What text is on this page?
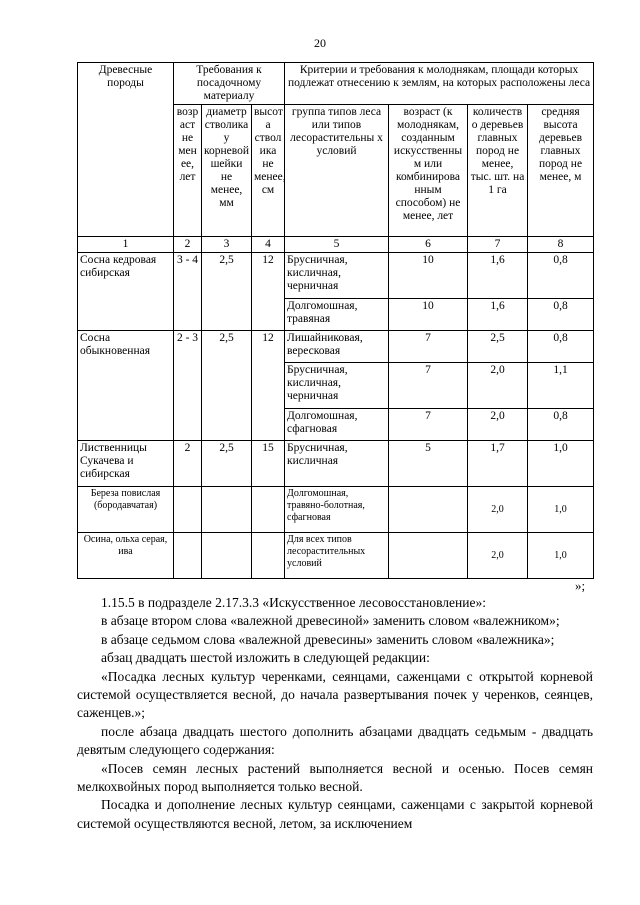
20
Древесные породы	Требования к посадочному материалу			Критерии и требования к молоднякам, площади которых подлежат отнесению к землям, на которых расположены леса			
	возр аст не мен ее, лет	диаметр стволика у корневой шейки не менее, мм	высот а ствол ика не менее, см	группа типов леса или типов лесорастительны х условий	возраст (к молоднякам, созданным искусственны м или комбинирова нным способом) не менее, лет	количеств о деревьев главных пород не менее, тыс. шт. на 1 га	средняя высота деревьев главных пород не менее, м
1	2	3	4	5	6	7	8
Сосна кедровая сибирская	3 - 4	2,5	12	Брусничная, кисличная, черничная	10	1,6	0,8
				Долгомошная, травяная	10	1,6	0,8
Сосна обыкновенная	2 - 3	2,5	12	Лишайниковая, вересковая	7	2,5	0,8
				Брусничная, кисличная, черничная	7	2,0	1,1
				Долгомошная, сфагновая	7	2,0	0,8
Лиственницы Сукачева и сибирская	2	2,5	15	Брусничная, кисличная	5	1,7	1,0
Береза повислая (бородавчатая)				Долгомошная, травяно-болотная, сфагновая		2,0	1,0
Осина, ольха серая, ива				Для всех типов лесорастительных условий		2,0	1,0
»;

1.15.5 в подразделе 2.17.3.3 «Искусственное лесовосстановление»:

в абзаце втором слова «валежной древесиной» заменить словом «валежником»;

в абзаце седьмом слова «валежной древесины» заменить словом «валежника»;

абзац двадцать шестой изложить в следующей редакции:

«Посадка лесных культур черенками, сеянцами, саженцами с открытой корневой системой осуществляется весной, до начала развертывания почек у черенков, сеянцев, саженцев.»;

после абзаца двадцать шестого дополнить абзацами двадцать седьмым - двадцать девятым следующего содержания:

«Посев семян лесных растений выполняется весной и осенью. Посев семян мелкохвойных пород выполняется только весной.

Посадка и дополнение лесных культур сеянцами, саженцами с закрытой корневой системой осуществляются весной, летом, за исключением
